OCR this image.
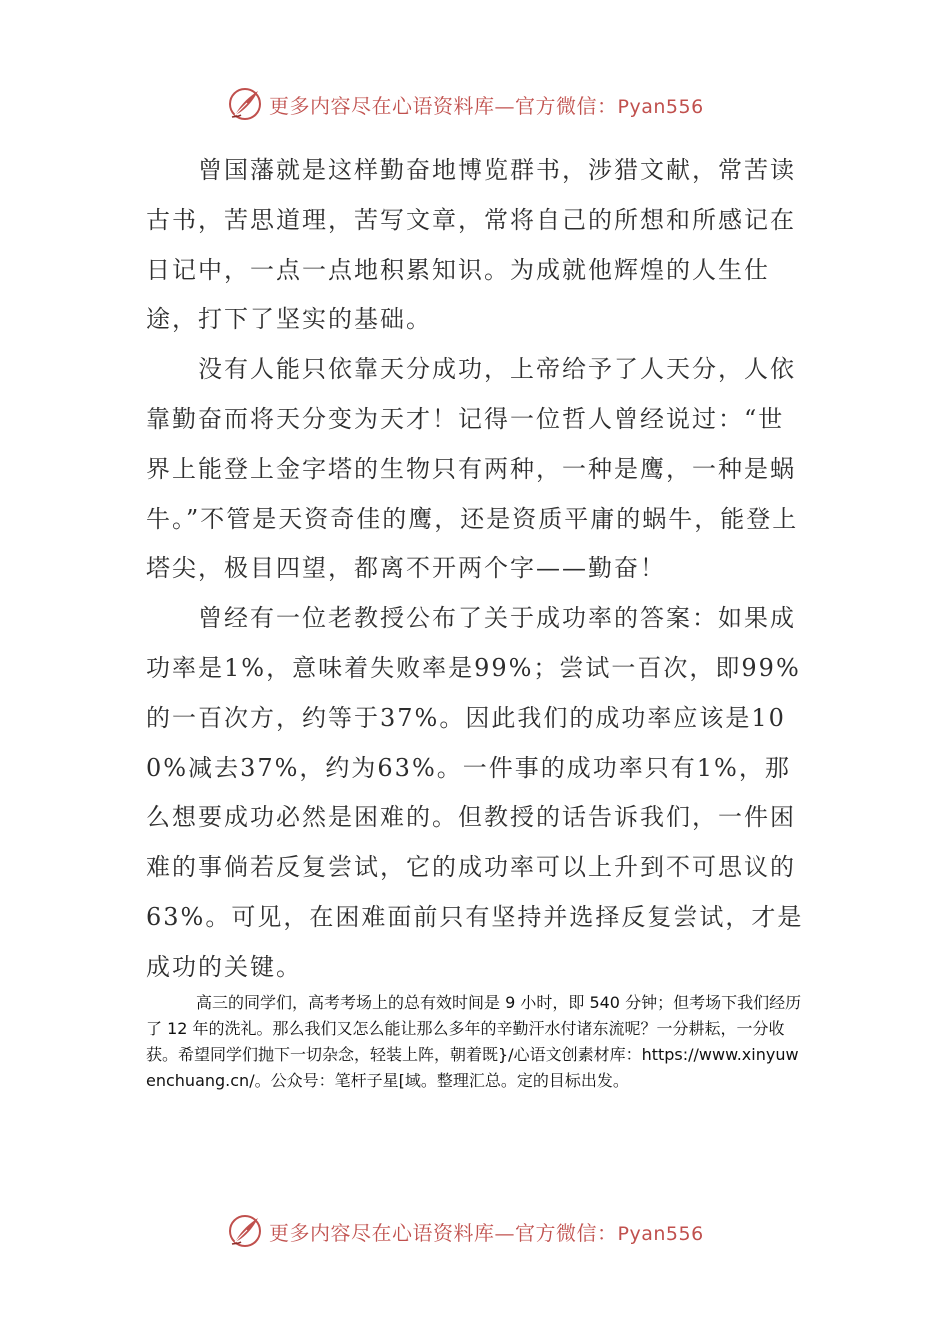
更多内容尽在心语资料库—官方微信：Pyan556

曾国藩就是这样勤奋地博览群书，涉猎文献，常苦读古书，苦思道理，苦写文章，常将自己的所想和所感记在日记中，一点一点地积累知识。为成就他辉煌的人生仕途，打下了坚实的基础。

没有人能只依靠天分成功，上帝给予了人天分，人依靠勤奋而将天分变为天才！记得一位哲人曾经说过：“世界上能登上金字塔的生物只有两种，一种是鹰，一种是蜗牛。”不管是天资奇佳的鹰，还是资质平庸的蜗牛，能登上塔尖，极目四望，都离不开两个字——勤奋！

曾经有一位老教授公布了关于成功率的答案：如果成功率是1%，意味着失败率是99%；尝试一百次，即99%的一百次方，约等于37%。因此我们的成功率应该是100%减去37%，约为63%。一件事的成功率只有1%，那么想要成功必然是困难的。但教授的话告诉我们，一件困难的事倘若反复尝试，它的成功率可以上升到不可思议的63%。可见，在困难面前只有坚持并选择反复尝试，才是成功的关键。

高三的同学们，高考考场上的总有效时间是 9 小时，即 540 分钟；但考场下我们经历了 12 年的洗礼。那么我们又怎么能让那么多年的辛勤汗水付诸东流呢？一分耕耘，一分收获。希望同学们抛下一切杂念，轻装上阵，朝着既}/心语文创素材库：https://www.xinyuwenchuang.cn/。公众号：笔杆子星[域。整理汇总。定的目标出发。

更多内容尽在心语资料库—官方微信：Pyan556
